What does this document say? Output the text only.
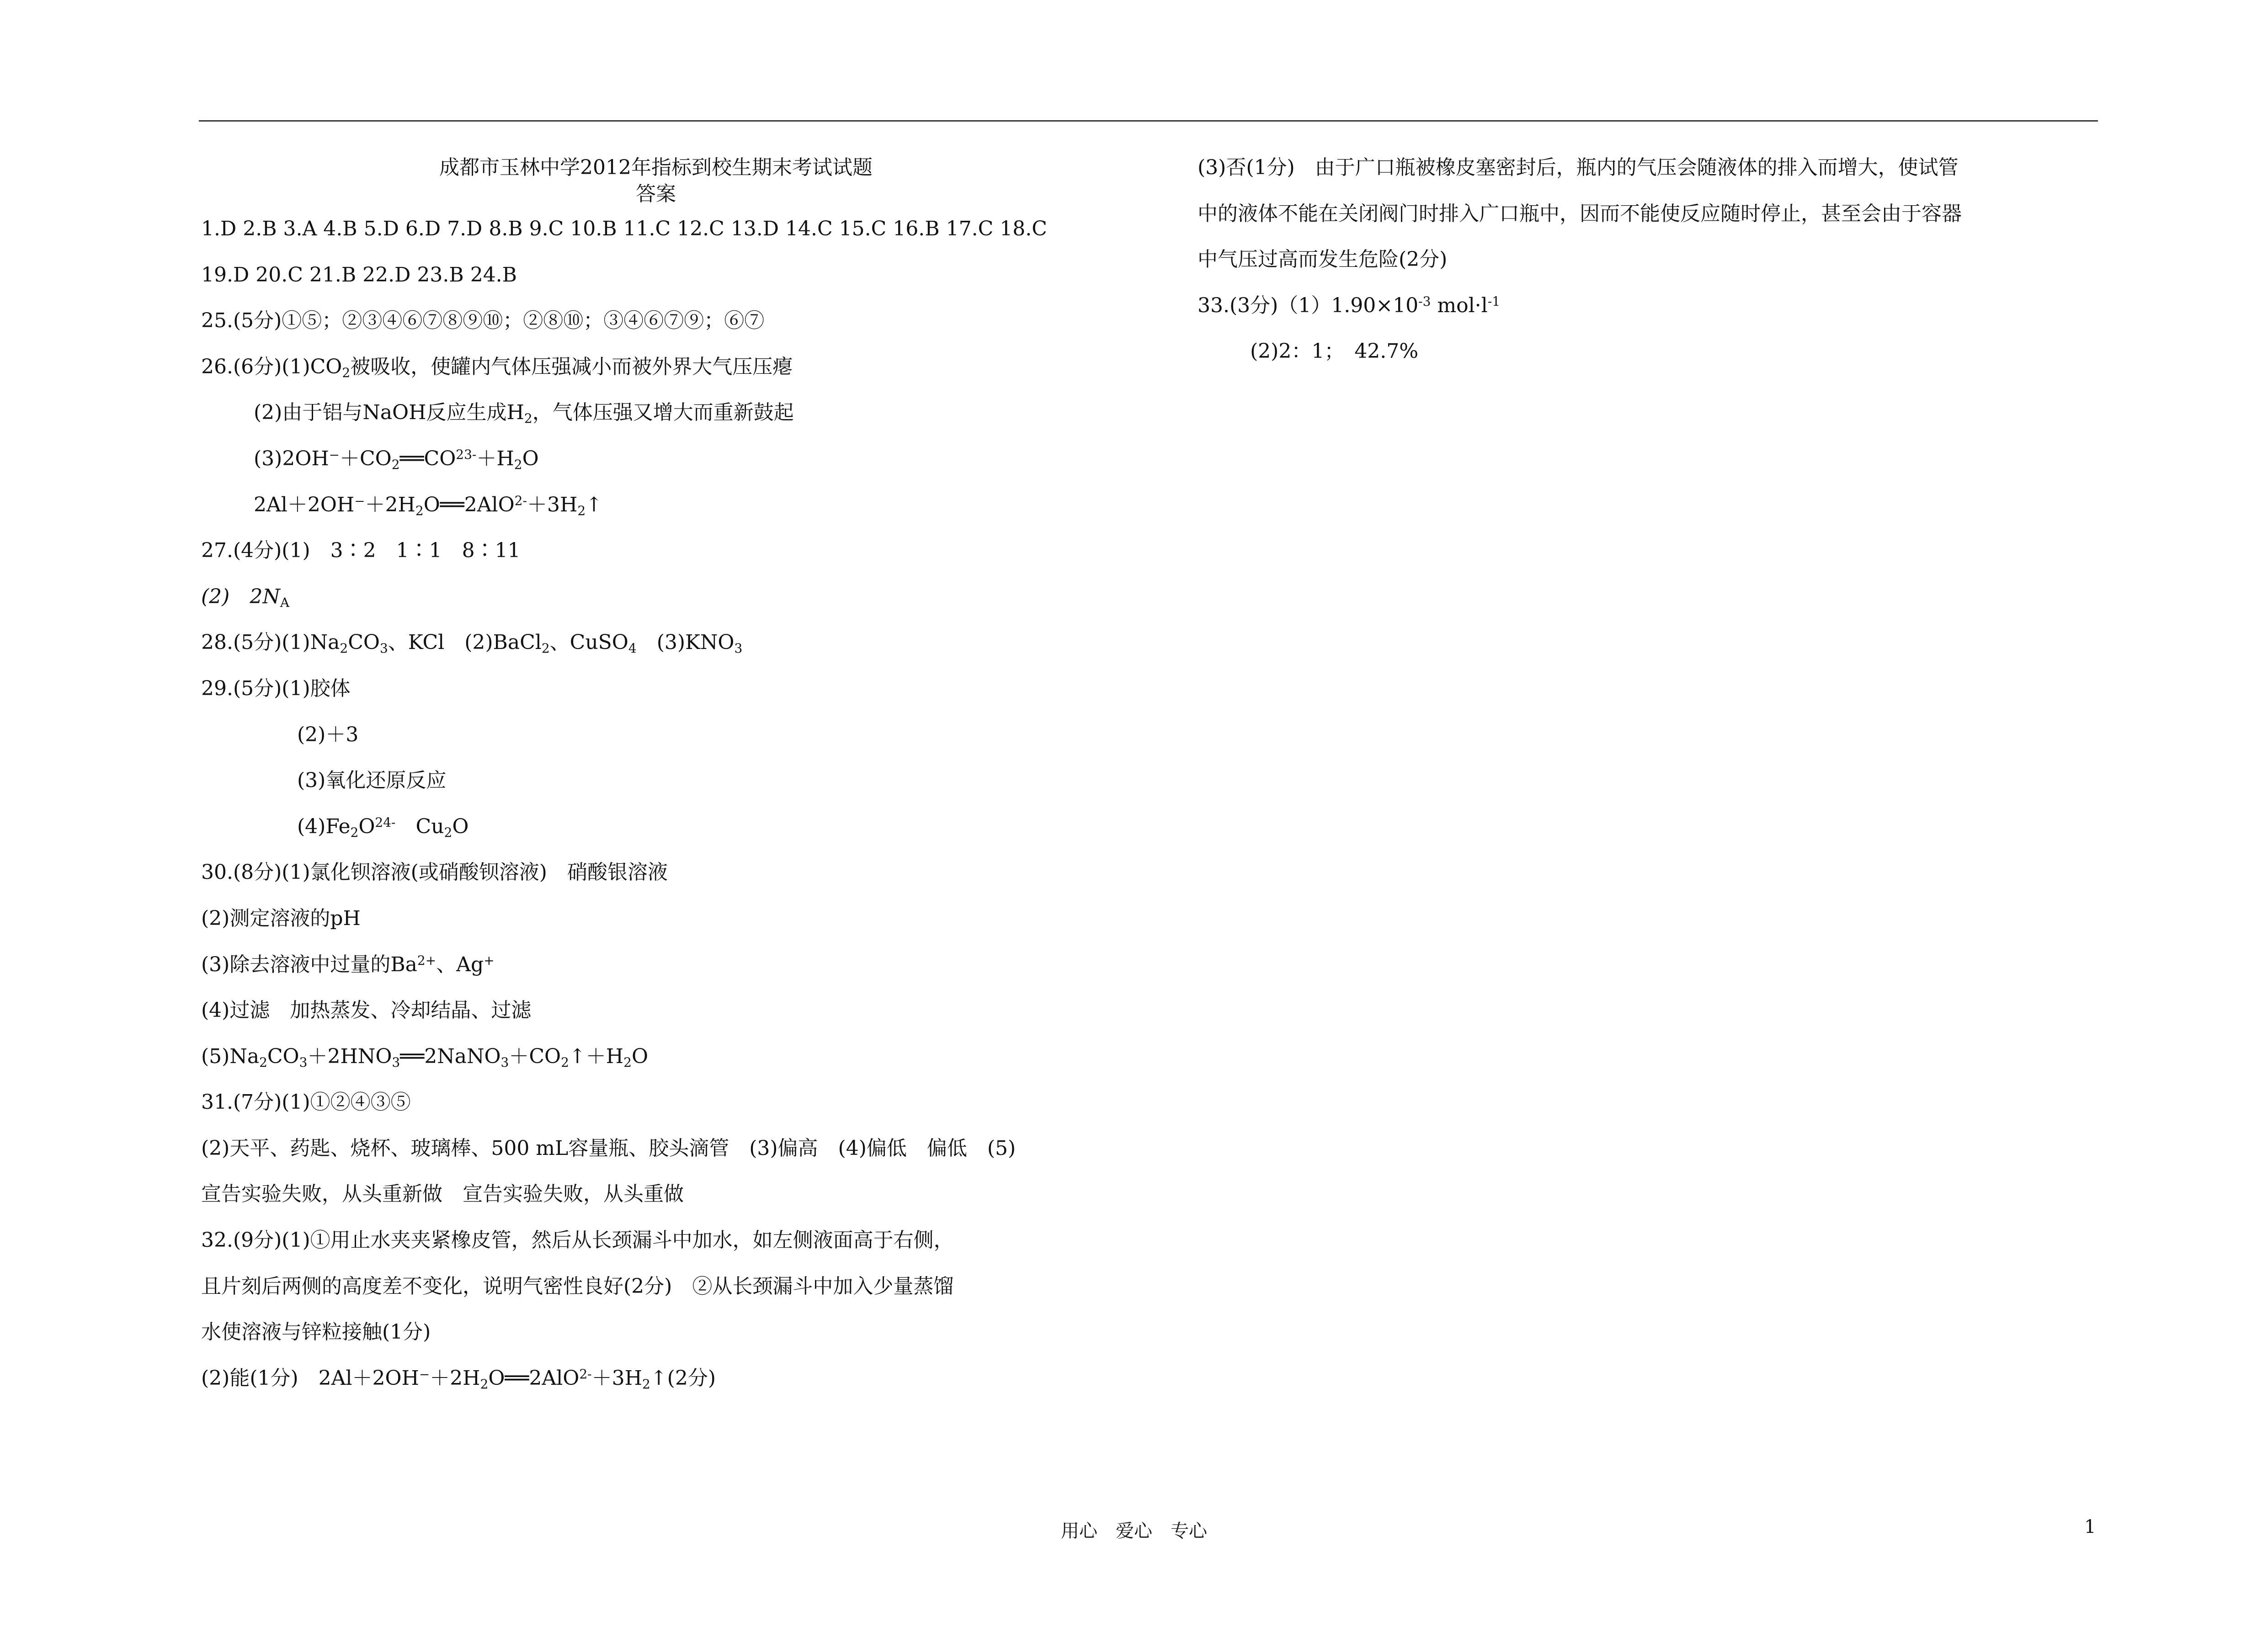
成都市玉林中学2012年指标到校生期末考试试题
答案
1.D 2.B 3.A 4.B 5.D 6.D 7.D 8.B 9.C 10.B 11.C 12.C 13.D 14.C 15.C 16.B 17.C 18.C
19.D 20.C 21.B 22.D 23.B 24.B
25.(5分)①⑤；②③④⑥⑦⑧⑨⑩；②⑧⑩；③④⑥⑦⑨；⑥⑦
26.(6分)$(1)CO_2$被吸收，使罐内气体压强减小而被外界大气压压瘪
(2)由于铝与NaOH反应生成$H_2$，气体压强又增大而重新鼓起
$(3)2OH^-+CO_2══CO^{23-}+H_2O$
$2Al+2OH^-+2H_2O══2AlO^{2-}+3H_2↑$
27.(4分)(1)　3∶2　1∶1　8∶11
(2)　$2N_A$
28.(5分)$(1)Na_2CO_3$、KCl　(2)BaCl$_2$、CuSO$_4$　$(3)KNO_3$
29.(5分)(1)胶体
(2)＋3
(3)氧化还原反应
$(4)Fe_2O^{24-}$　$Cu_2O$
30.(8分)(1)氯化钡溶液(或硝酸钡溶液)　硝酸银溶液
(2)测定溶液的pH
(3)除去溶液中过量的$Ba^{2+}$、Ag+
(4)过滤　加热蒸发、冷却结晶、过滤
$(5)Na_2CO_3+2HNO_3══2NaNO_3+CO_2↑+H_2O$
31.(7分)(1)①②④③⑤
(2)天平、药匙、烧杯、玻璃棒、500 mL容量瓶、胶头滴管　(3)偏高　(4)偏低　偏低　(5)
宣告实验失败，从头重新做　宣告实验失败，从头重做
32.(9分)(1)①用止水夹夹紧橡皮管，然后从长颈漏斗中加水，如左侧液面高于右侧，
且片刻后两侧的高度差不变化，说明气密性良好(2分)　②从长颈漏斗中加入少量蒸馏
水使溶液与锌粒接触(1分)
(2)能(1分)　$2Al+2OH^-+2H_2O══2AlO^{2-}+3H_2↑(2$分)
(3)否(1分)　由于广口瓶被橡皮塞密封后，瓶内的气压会随液体的排入而增大，使试管
中的液体不能在关闭阀门时排入广口瓶中，因而不能使反应随时停止，甚至会由于容器
中气压过高而发生危险(2分)
33.(3分)$(1)1.90\times 10^{-3}$ $mol\cdot l^{-1}$
(2)2：1；　42.7%
用心　爱心　专心	1
